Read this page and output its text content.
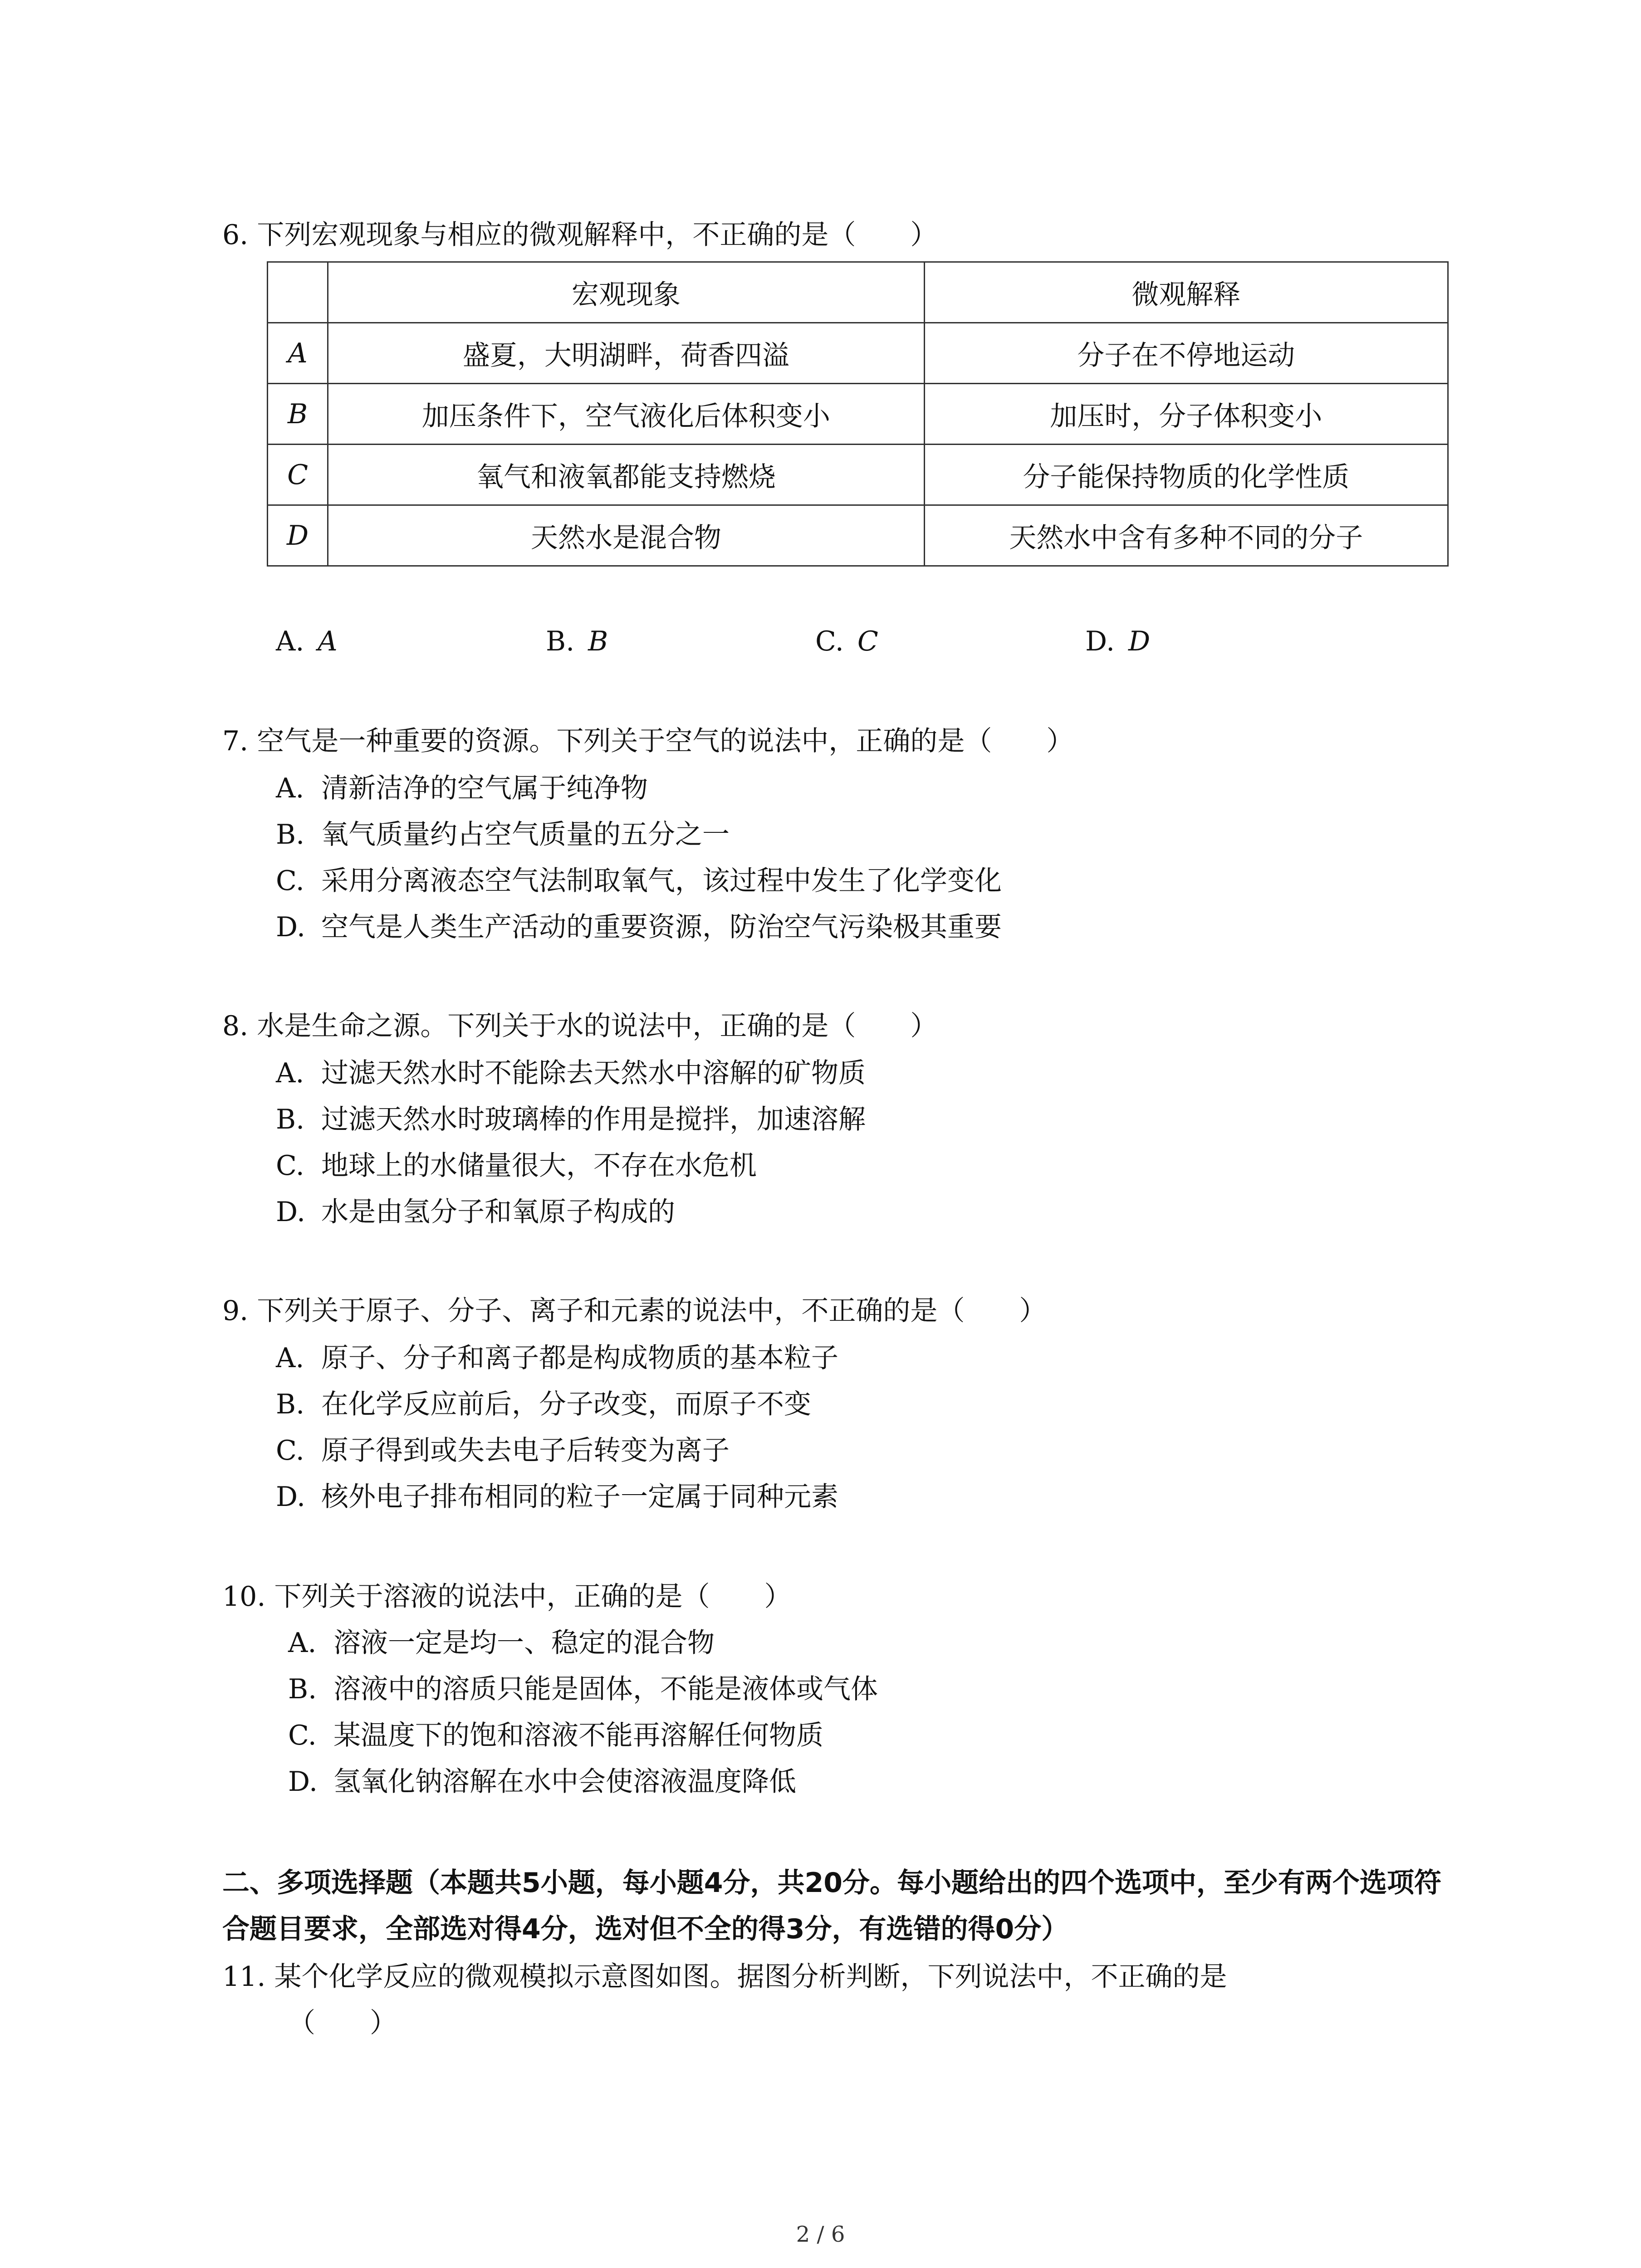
6. 下列宏观现象与相应的微观解释中，不正确的是（　　）
	宏观现象	微观解释
A	盛夏，大明湖畔，荷香四溢	分子在不停地运动
B	加压条件下，空气液化后体积变小	加压时，分子体积变小
C	氧气和液氧都能支持燃烧	分子能保持物质的化学性质
D	天然水是混合物	天然水中含有多种不同的分子
A.  A	B.  B	C.  C	D.  D
7. 空气是一种重要的资源。下列关于空气的说法中，正确的是（　　）
A. 清新洁净的空气属于纯净物
B. 氧气质量约占空气质量的五分之一
C. 采用分离液态空气法制取氧气，该过程中发生了化学变化
D. 空气是人类生产活动的重要资源，防治空气污染极其重要
8. 水是生命之源。下列关于水的说法中，正确的是（　　）
A. 过滤天然水时不能除去天然水中溶解的矿物质
B. 过滤天然水时玻璃棒的作用是搅拌，加速溶解
C. 地球上的水储量很大，不存在水危机
D. 水是由氢分子和氧原子构成的
9. 下列关于原子、分子、离子和元素的说法中，不正确的是（　　）
A. 原子、分子和离子都是构成物质的基本粒子
B. 在化学反应前后，分子改变，而原子不变
C. 原子得到或失去电子后转变为离子
D. 核外电子排布相同的粒子一定属于同种元素
10. 下列关于溶液的说法中，正确的是（　　）
A. 溶液一定是均一、稳定的混合物
B. 溶液中的溶质只能是固体，不能是液体或气体
C. 某温度下的饱和溶液不能再溶解任何物质
D. 氢氧化钠溶解在水中会使溶液温度降低
二、多项选择题（本题共5小题，每小题4分，共20分。每小题给出的四个选项中，至少有两个选项符合题目要求，全部选对得4分，选对但不全的得3分，有选错的得0分）
11. 某个化学反应的微观模拟示意图如图。据图分析判断，下列说法中，不正确的是
（　　）
2 / 6
